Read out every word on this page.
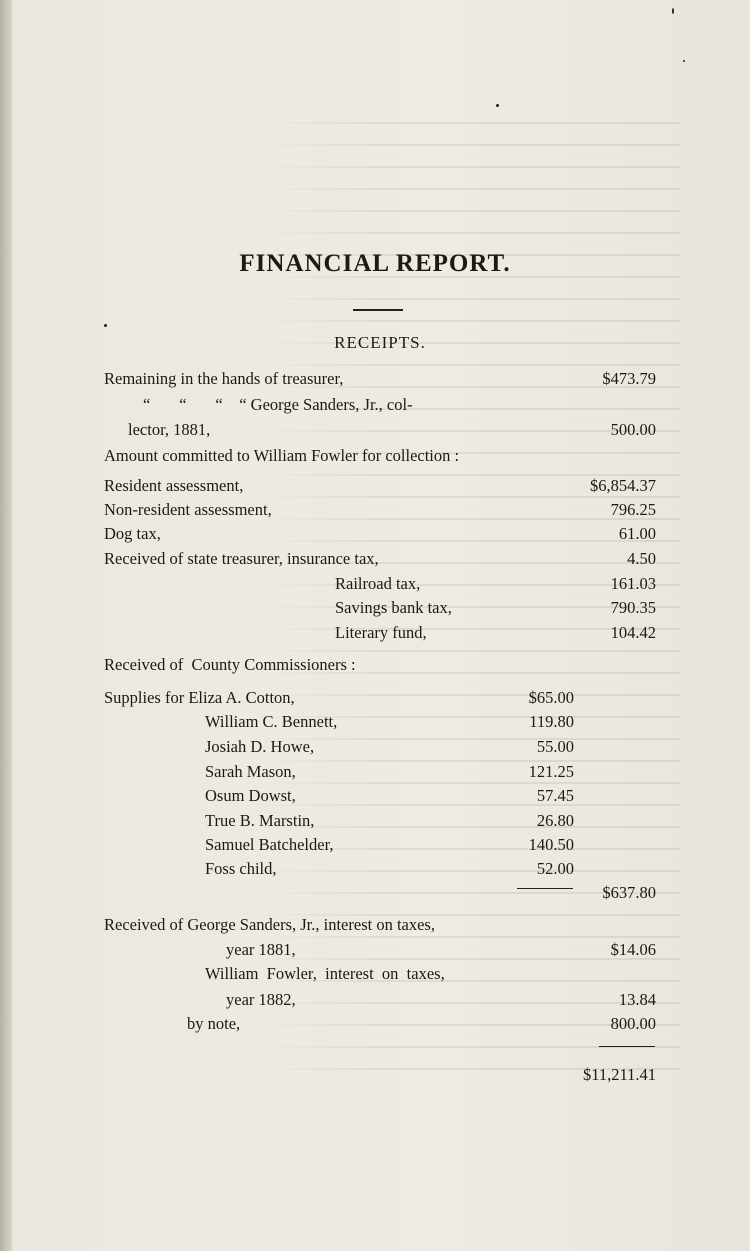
FINANCIAL REPORT.
RECEIPTS.
Remaining in the hands of treasurer,	$473.79
“       “       “    “ George Sanders, Jr., col-
lector, 1881,	500.00
Amount committed to William Fowler for collection :
Resident assessment,	$6,854.37
Non-resident assessment,	796.25
Dog tax,	61.00
Received of state treasurer, insurance tax,	4.50
Railroad tax,	161.03
Savings bank tax,	790.35
Literary fund,	104.42
Received of  County Commissioners :
Supplies for Eliza A. Cotton,	$65.00
William C. Bennett,	119.80
Josiah D. Howe,	55.00
Sarah Mason,	121.25
Osum Dowst,	57.45
True B. Marstin,	26.80
Samuel Batchelder,	140.50
Foss child,	52.00
$637.80
Received of George Sanders, Jr., interest on taxes,
year 1881,	$14.06
William  Fowler,  interest  on  taxes,
year 1882,	13.84
by note,	800.00
$11,211.41
